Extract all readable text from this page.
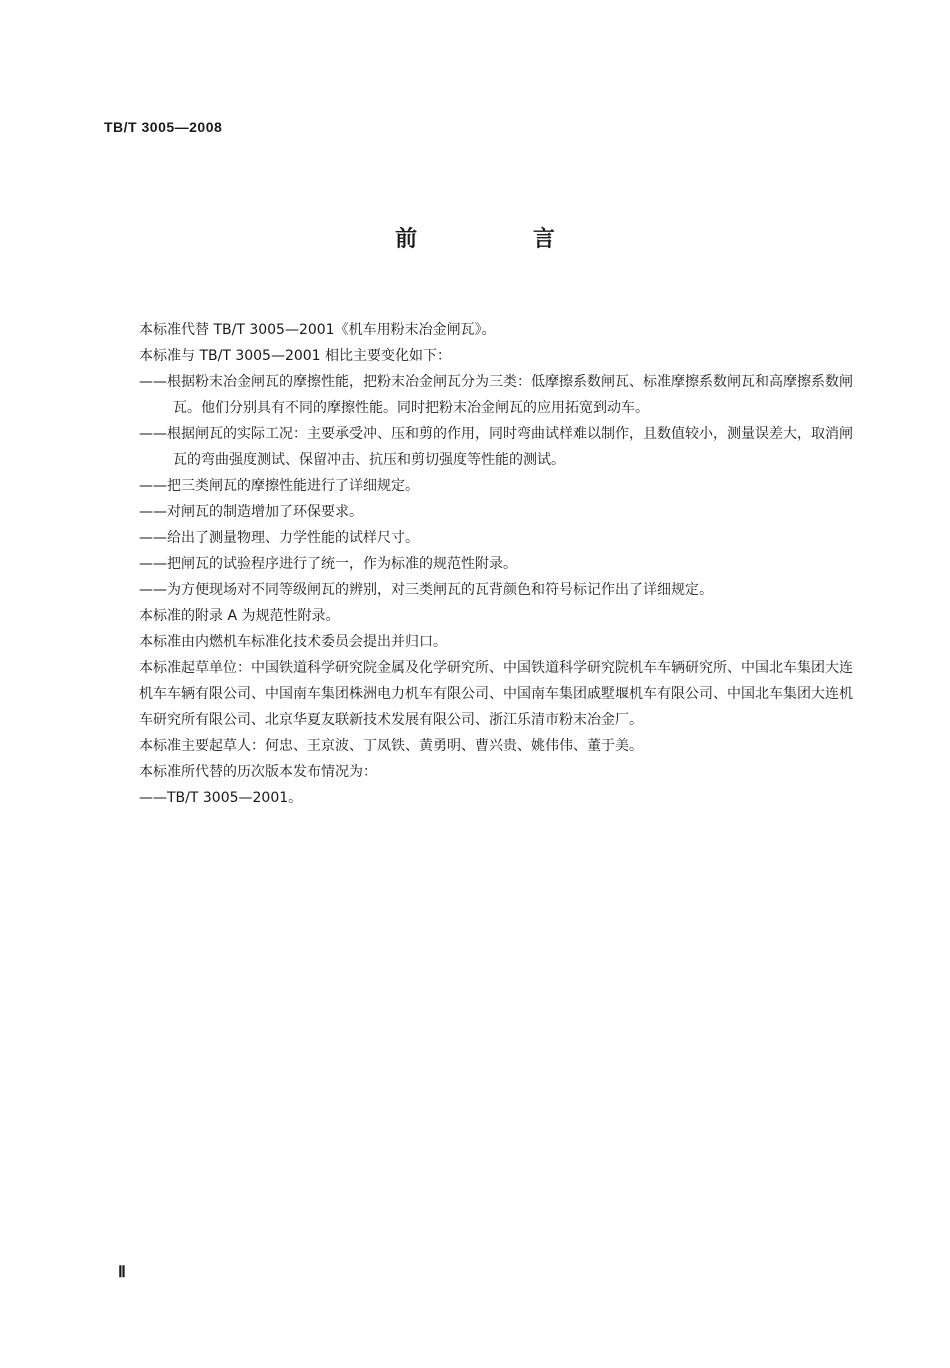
TB/T 3005—2008
前 言

本标准代替 TB/T 3005—2001《机车用粉末冶金闸瓦》。

本标准与 TB/T 3005—2001 相比主要变化如下：

——根据粉末冶金闸瓦的摩擦性能，把粉末冶金闸瓦分为三类：低摩擦系数闸瓦、标准摩擦系数闸瓦和高摩擦系数闸瓦。他们分别具有不同的摩擦性能。同时把粉末冶金闸瓦的应用拓宽到动车。

——根据闸瓦的实际工况：主要承受冲、压和剪的作用，同时弯曲试样难以制作，且数值较小，测量误差大，取消闸瓦的弯曲强度测试、保留冲击、抗压和剪切强度等性能的测试。

——把三类闸瓦的摩擦性能进行了详细规定。

——对闸瓦的制造增加了环保要求。

——给出了测量物理、力学性能的试样尺寸。

——把闸瓦的试验程序进行了统一，作为标准的规范性附录。

——为方便现场对不同等级闸瓦的辨别，对三类闸瓦的瓦背颜色和符号标记作出了详细规定。

本标准的附录 A 为规范性附录。

本标准由内燃机车标准化技术委员会提出并归口。

本标准起草单位：中国铁道科学研究院金属及化学研究所、中国铁道科学研究院机车车辆研究所、中国北车集团大连机车车辆有限公司、中国南车集团株洲电力机车有限公司、中国南车集团戚墅堰机车有限公司、中国北车集团大连机车研究所有限公司、北京华夏友联新技术发展有限公司、浙江乐清市粉末冶金厂。

本标准主要起草人：何忠、王京波、丁凤铁、黄勇明、曹兴贵、姚伟伟、董于美。

本标准所代替的历次版本发布情况为：

——TB/T 3005—2001。

Ⅱ
